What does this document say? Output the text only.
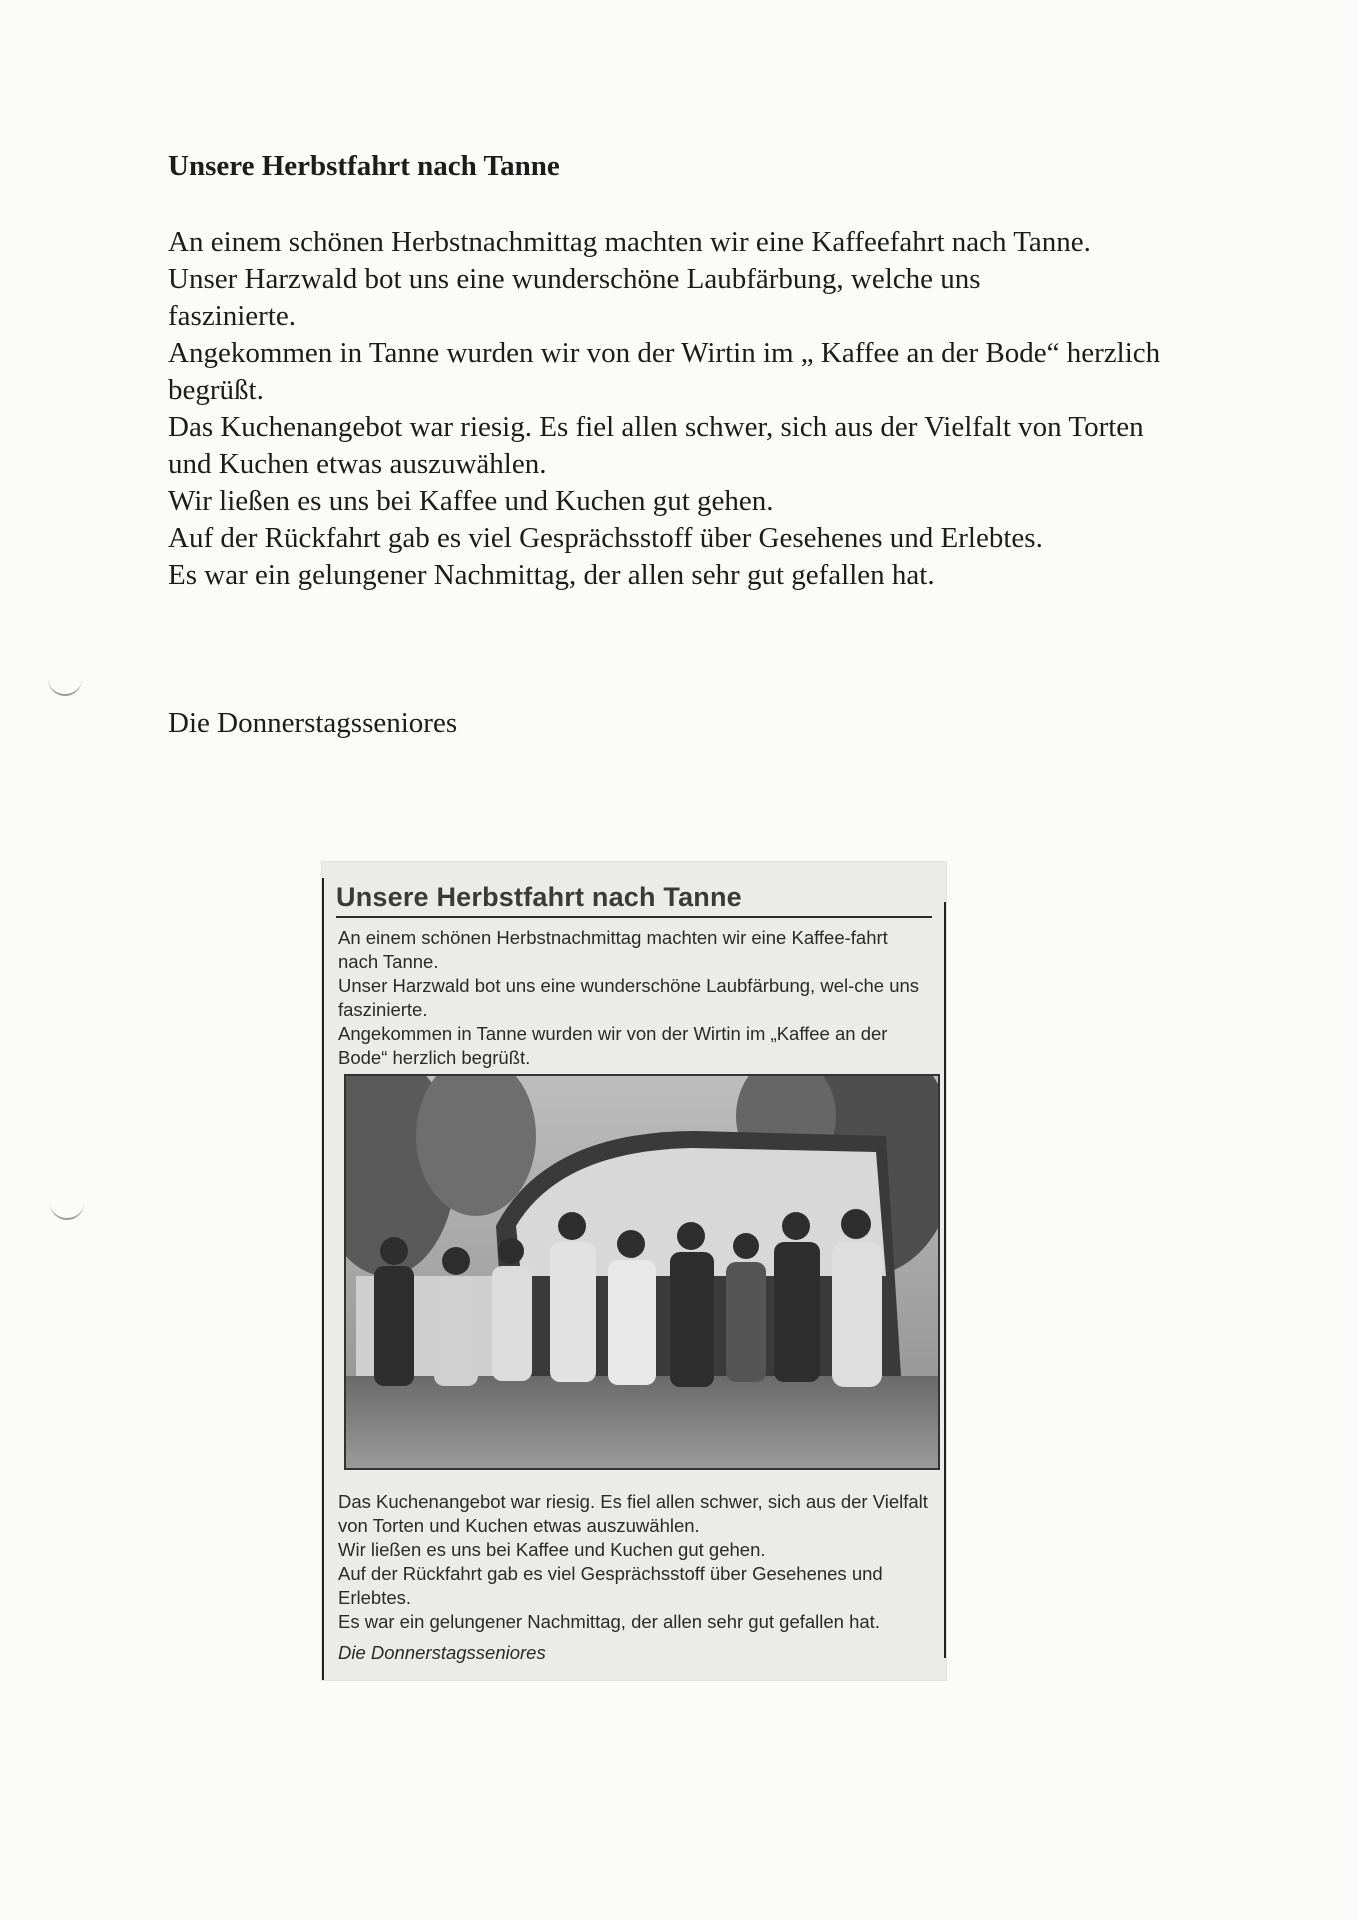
Unsere Herbstfahrt nach Tanne

An einem schönen Herbstnachmittag machten wir eine Kaffeefahrt nach Tanne.

Unser Harzwald bot uns eine wunderschöne Laubfärbung, welche uns faszinierte.

Angekommen in Tanne wurden wir von der Wirtin im „ Kaffee an der Bode“ herzlich begrüßt.

Das Kuchenangebot war riesig. Es fiel allen schwer, sich aus der Vielfalt von Torten und Kuchen etwas auszuwählen.

Wir ließen es uns bei Kaffee und Kuchen gut gehen.

Auf der Rückfahrt gab es viel Gesprächsstoff über Gesehenes und Erlebtes.

Es war ein gelungener Nachmittag, der allen sehr gut gefallen hat.

Die Donnerstagsseniores
Unsere Herbstfahrt nach Tanne

An einem schönen Herbstnachmittag machten wir eine Kaffee-fahrt nach Tanne.

Unser Harzwald bot uns eine wunderschöne Laubfärbung, wel-che uns faszinierte.

Angekommen in Tanne wurden wir von der Wirtin im „Kaffee an der Bode“ herzlich begrüßt.

Das Kuchenangebot war riesig. Es fiel allen schwer, sich aus der Vielfalt von Torten und Kuchen etwas auszuwählen.

Wir ließen es uns bei Kaffee und Kuchen gut gehen.

Auf der Rückfahrt gab es viel Gesprächsstoff über Gesehenes und Erlebtes.

Es war ein gelungener Nachmittag, der allen sehr gut gefallen hat.

Die Donnerstagsseniores
